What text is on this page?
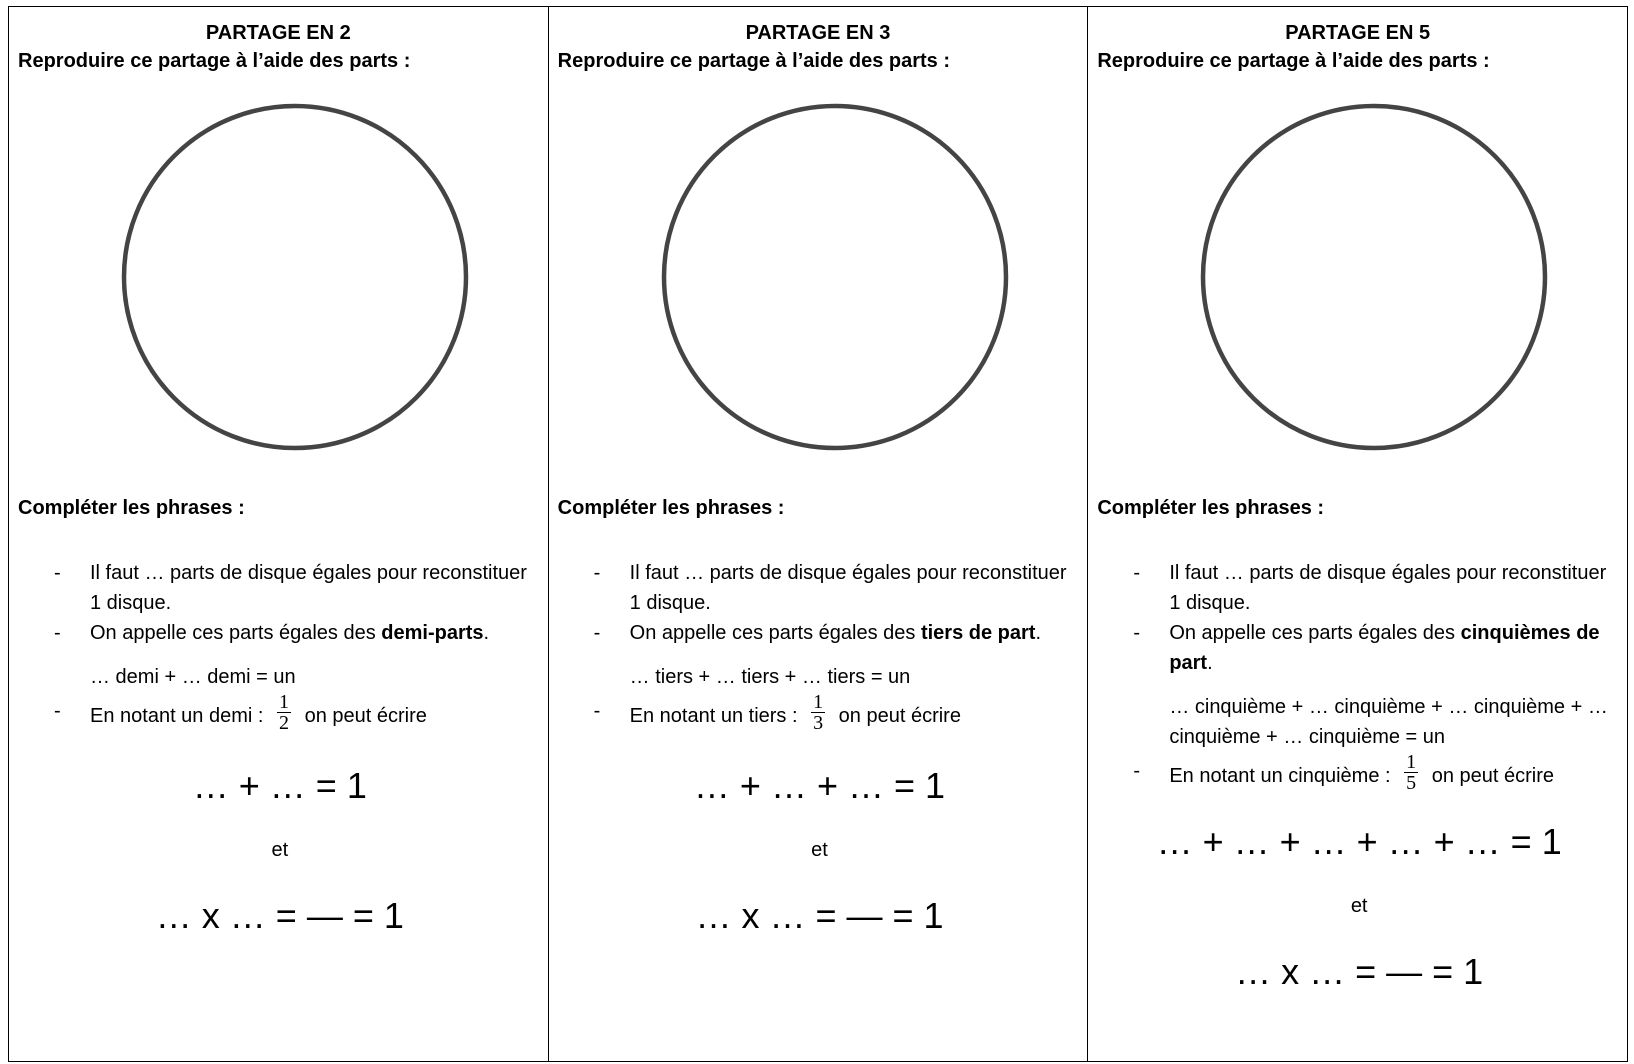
PARTAGE EN 2
Reproduire ce partage à l’aide des parts :
Compléter les phrases :
- Il faut … parts de disque égales pour reconstituer 1 disque.
- On appelle ces parts égales des demi-parts.
… demi + … demi = un
- En notant un demi : $\frac{1}{2}$ on peut écrire
… + … = 1
et
… x … = — = 1

PARTAGE EN 3
Reproduire ce partage à l’aide des parts :
Compléter les phrases :
- Il faut … parts de disque égales pour reconstituer 1 disque.
- On appelle ces parts égales des tiers de part.
… tiers + … tiers + … tiers = un
- En notant un tiers : $\frac{1}{3}$ on peut écrire
… + … + … = 1
et
… x … = — = 1

PARTAGE EN 5
Reproduire ce partage à l’aide des parts :
Compléter les phrases :
- Il faut … parts de disque égales pour reconstituer 1 disque.
- On appelle ces parts égales des cinquièmes de part.
… cinquième + … cinquième + … cinquième + … cinquième + … cinquième = un
- En notant un cinquième : $\frac{1}{5}$ on peut écrire
… + … + … + … + … = 1
et
… x … = — = 1
